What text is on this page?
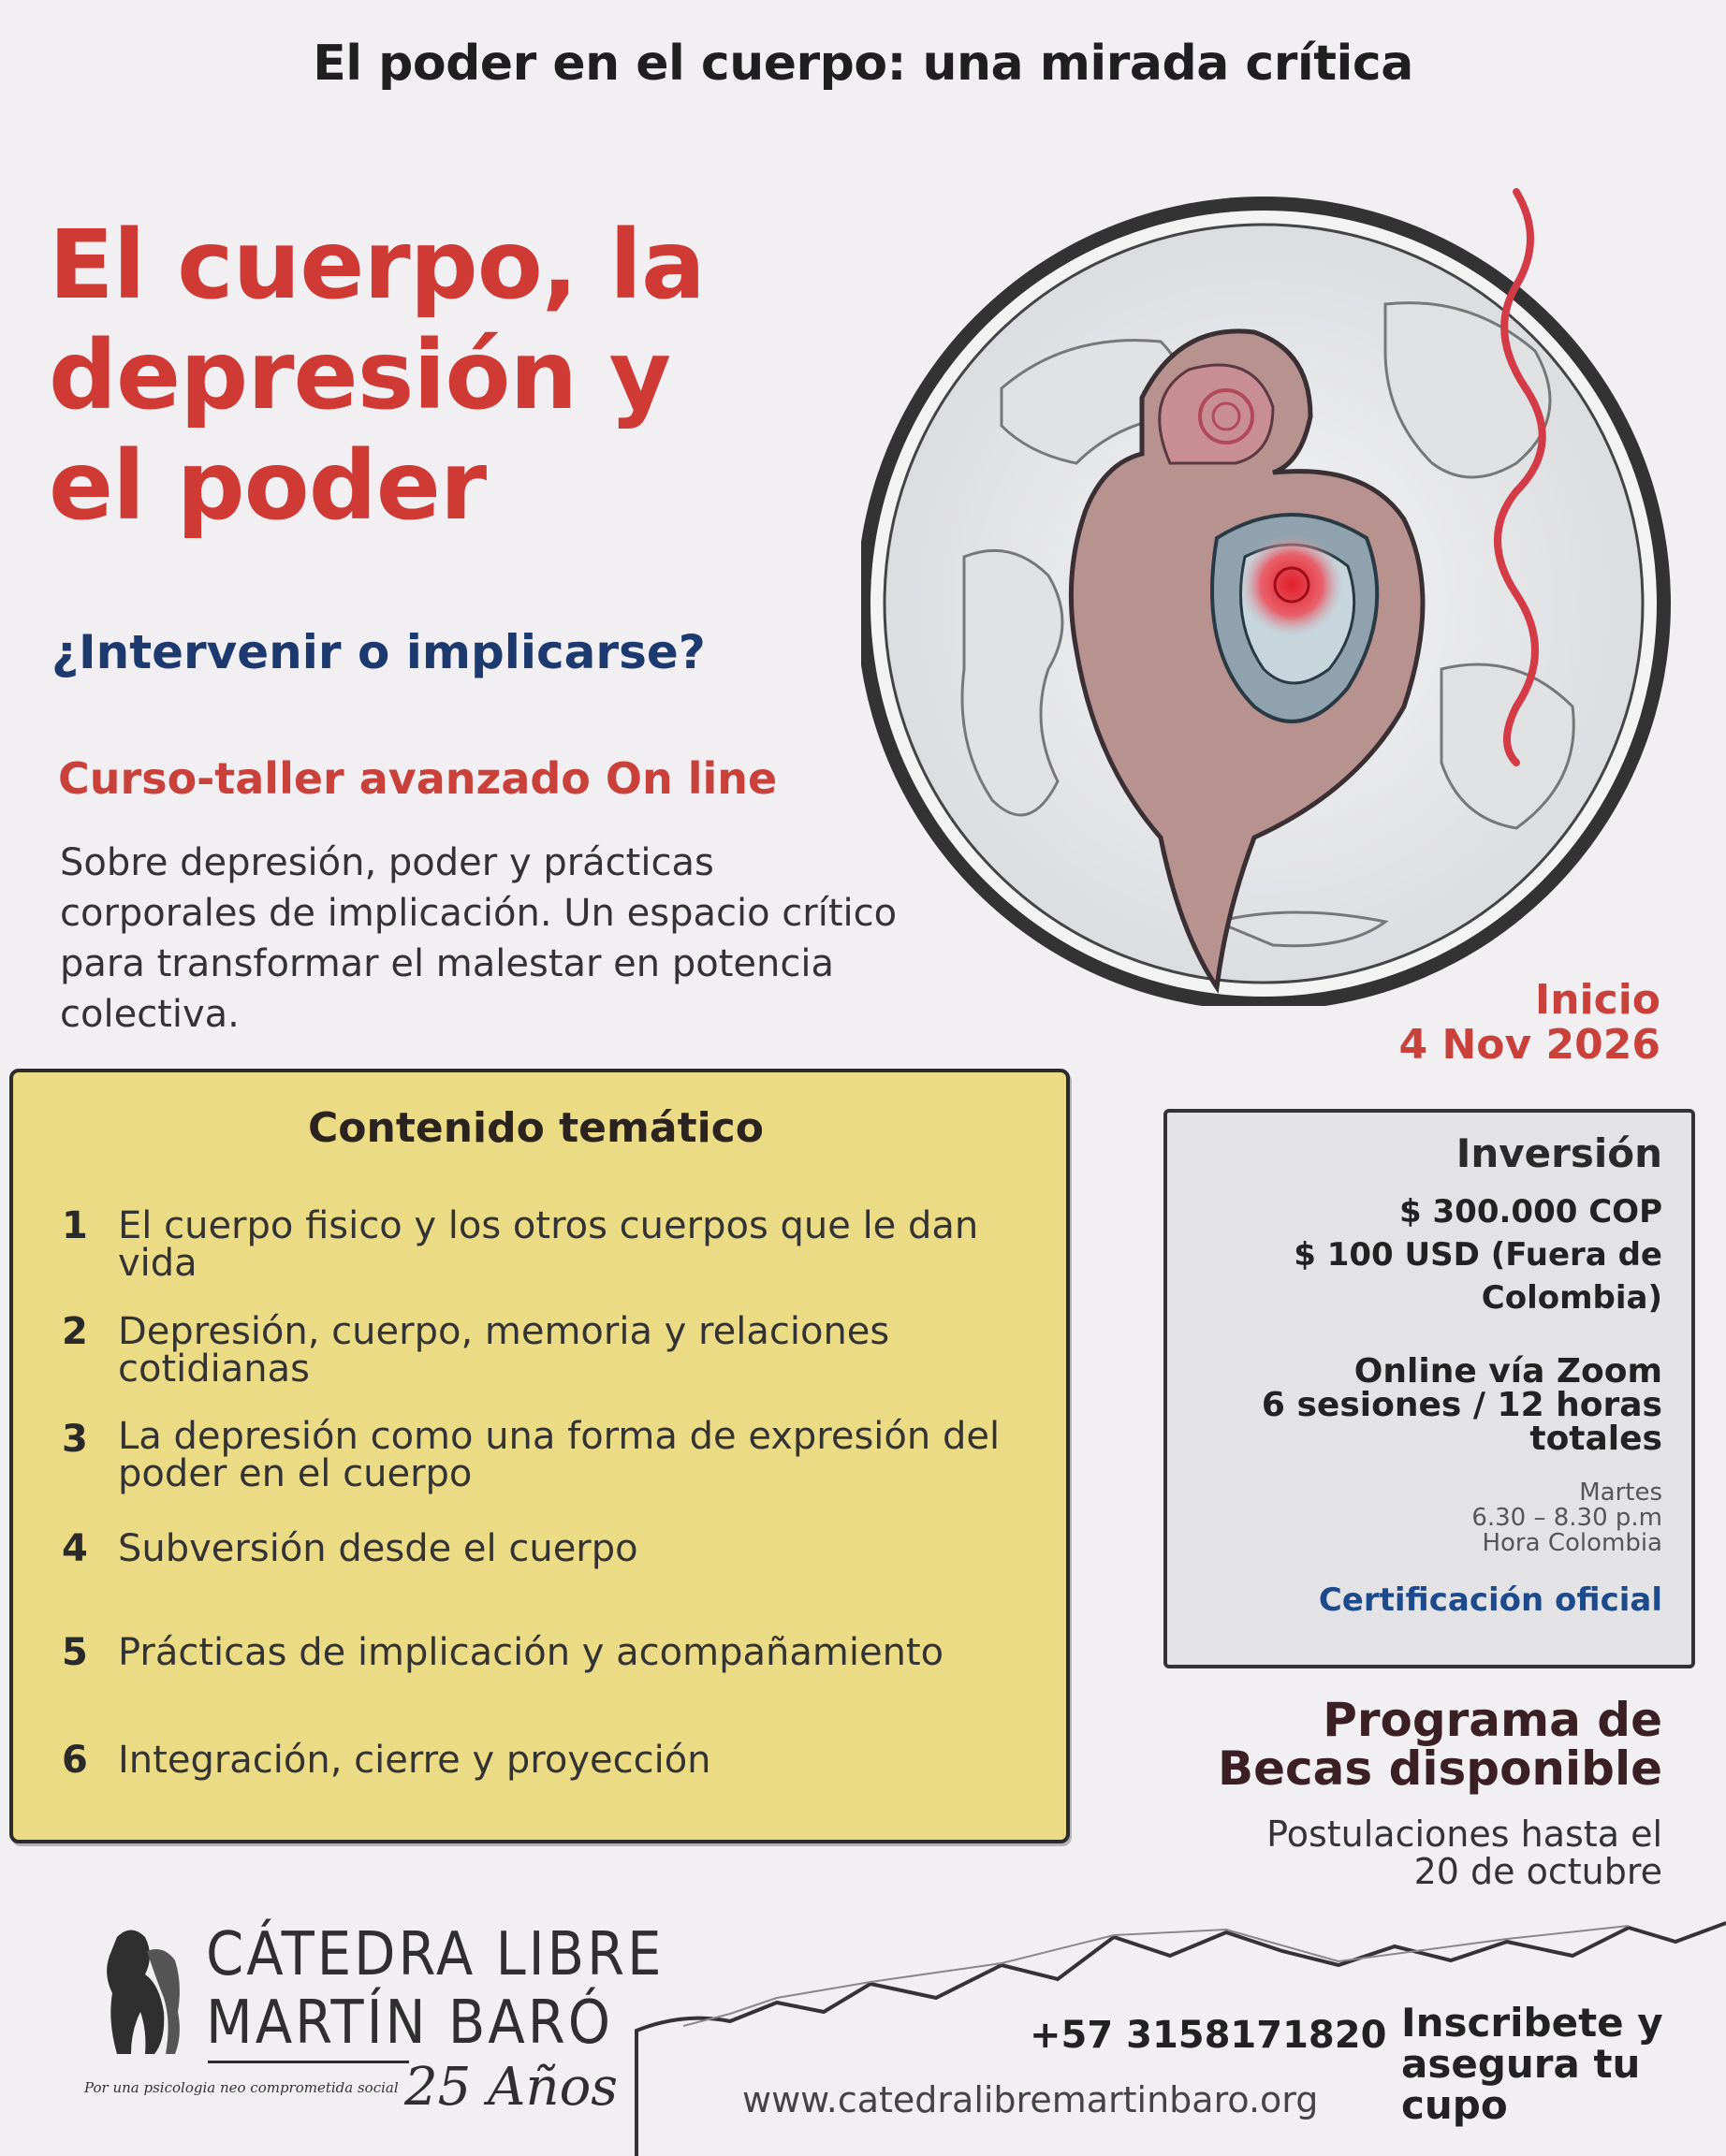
El poder en el cuerpo: una mirada crítica
El cuerpo, la
depresión y
el poder
¿Intervenir o implicarse?
Curso-taller avanzado On line
Sobre depresión, poder y prácticas
corporales de implicación. Un espacio crítico
para transformar el malestar en potencia
colectiva.	Inicio
4 Nov 2026
Contenido temático
1 El cuerpo fisico y los otros cuerpos que le dan
vida
2 Depresión, cuerpo, memoria y relaciones
cotidianas
3 La depresión como una forma de expresión del
poder en el cuerpo
4 Subversión desde el cuerpo
5 Prácticas de implicación y acompañamiento
6 Integración, cierre y proyección
Inversión
$ 300.000 COP
$ 100 USD (Fuera de
Colombia)
Online vía Zoom
6 sesiones / 12 horas
totales
Martes
6.30 – 8.30 p.m
Hora Colombia
Certificación oficial
Programa de
Becas disponible
Postulaciones hasta el
20 de octubre
CÁTEDRA LIBRE
MARTÍN BARÓ
Por una psicologia neo comprometida social 25 Años
+57 3158171820
www.catedralibremartinbaro.org
Inscribete y
asegura tu
cupo
